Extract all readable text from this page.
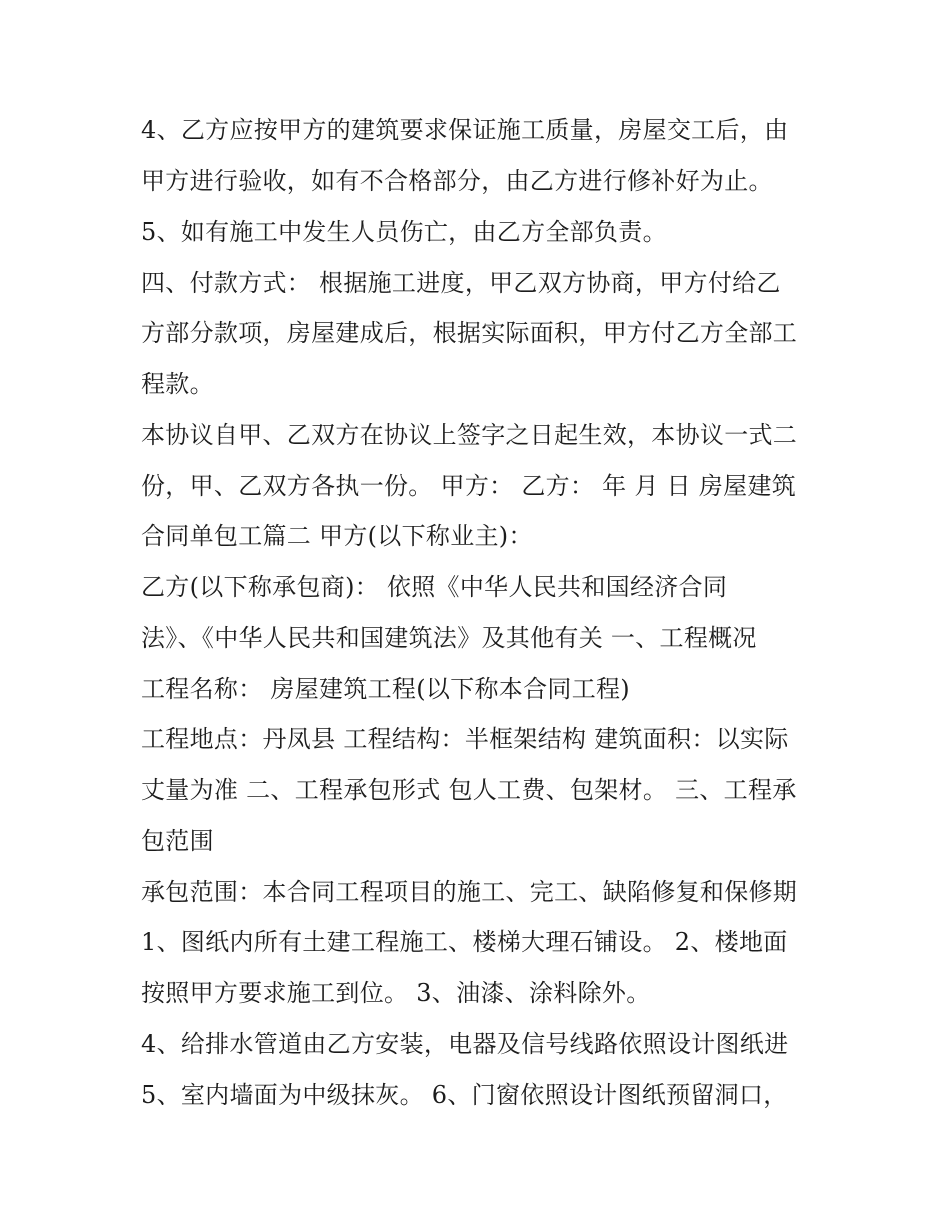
4、乙方应按甲方的建筑要求保证施工质量，房屋交工后，由

甲方进行验收，如有不合格部分，由乙方进行修补好为止。

5、如有施工中发生人员伤亡，由乙方全部负责。

四、付款方式： 根据施工进度，甲乙双方协商，甲方付给乙

方部分款项，房屋建成后，根据实际面积，甲方付乙方全部工

程款。

本协议自甲、乙双方在协议上签字之日起生效，本协议一式二

份，甲、乙双方各执一份。 甲方： 乙方： 年 月 日 房屋建筑

合同单包工篇二 甲方(以下称业主)：

乙方(以下称承包商)： 依照《中华人民共和国经济合同

法》、《中华人民共和国建筑法》及其他有关 一、工程概况

工程名称： 房屋建筑工程(以下称本合同工程)

工程地点：丹凤县 工程结构：半框架结构 建筑面积：以实际

丈量为准 二、工程承包形式 包人工费、包架材。 三、工程承

包范围

承包范围：本合同工程项目的施工、完工、缺陷修复和保修期

1、图纸内所有土建工程施工、楼梯大理石铺设。 2、楼地面

按照甲方要求施工到位。 3、油漆、涂料除外。

4、给排水管道由乙方安装，电器及信号线路依照设计图纸进

5、室内墙面为中级抹灰。 6、门窗依照设计图纸预留洞口，
